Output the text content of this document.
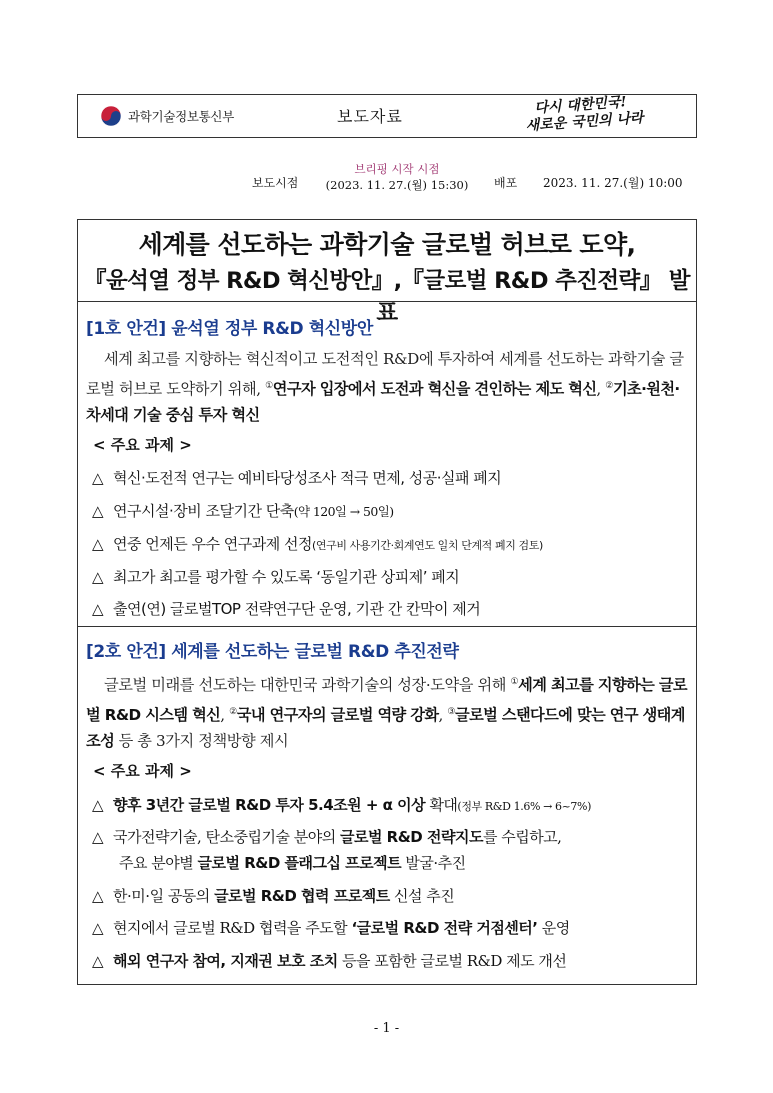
과학기술정보통신부	보도자료	다시 대한민국!
새로운 국민의 나라
보도시점
브리핑 시작 시점
(2023. 11. 27.(월) 15:30)	배포 2023. 11. 27.(월) 10:00
세계를 선도하는 과학기술 글로벌 허브로 도약,
『윤석열 정부 R&D 혁신방안』,『글로벌 R&D 추진전략』 발표
[1호 안건] 윤석열 정부 R&D 혁신방안
세계 최고를 지향하는 혁신적이고 도전적인 R&D에 투자하여 세계를 선도하는 과학기술 글로벌 허브로 도약하기 위해, ①연구자 입장에서 도전과 혁신을 견인하는 제도 혁신, ②기초·원천·차세대 기술 중심 투자 혁신
< 주요 과제 >
△ 혁신·도전적 연구는 예비타당성조사 적극 면제, 성공·실패 폐지
△ 연구시설·장비 조달기간 단축(약 120일 → 50일)
△ 연중 언제든 우수 연구과제 선정(연구비 사용기간·회계연도 일치 단계적 폐지 검토)
△ 최고가 최고를 평가할 수 있도록 ‘동일기관 상피제’ 폐지
△ 출연(연) 글로벌TOP 전략연구단 운영, 기관 간 칸막이 제거
[2호 안건] 세계를 선도하는 글로벌 R&D 추진전략
글로벌 미래를 선도하는 대한민국 과학기술의 성장·도약을 위해 ①세계 최고를 지향하는 글로벌 R&D 시스템 혁신, ②국내 연구자의 글로벌 역량 강화, ③글로벌 스탠다드에 맞는 연구 생태계 조성 등 총 3가지 정책방향 제시
< 주요 과제 >
△ 향후 3년간 글로벌 R&D 투자 5.4조원 + α 이상 확대(정부 R&D 1.6% → 6~7%)
△ 국가전략기술, 탄소중립기술 분야의 글로벌 R&D 전략지도를 수립하고,
주요 분야별 글로벌 R&D 플래그십 프로젝트 발굴·추진
△ 한·미·일 공동의 글로벌 R&D 협력 프로젝트 신설 추진
△ 현지에서 글로벌 R&D 협력을 주도할 ‘글로벌 R&D 전략 거점센터’ 운영
△ 해외 연구자 참여, 지재권 보호 조치 등을 포함한 글로벌 R&D 제도 개선
- 1 -
